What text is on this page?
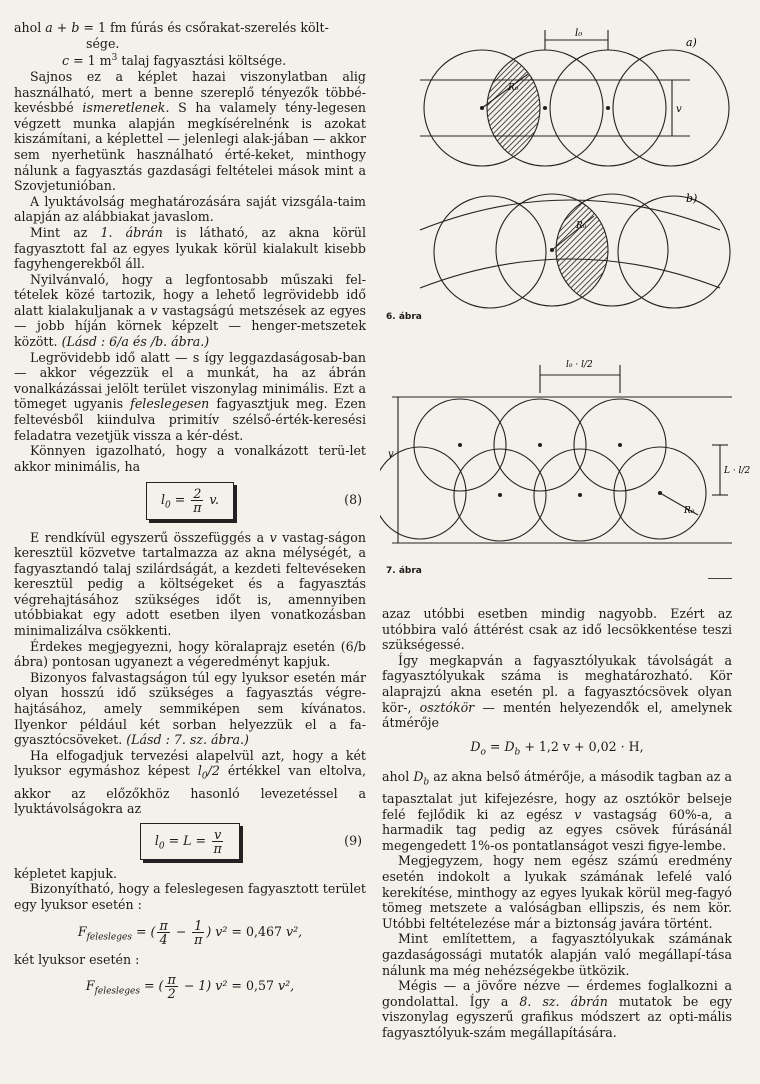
ahol a + b = 1 fm fúrás és csőrakat-szerelés költ-

sége.

c = 1 $m^3$ talaj fagyasztási költsége.

Sajnos ez a képlet hazai viszonylatban alig használható, mert a benne szereplő tényezők többé-kevésbbé ismeretlenek. S ha valamely tény-legesen végzett munka alapján megkísérelnénk is azokat kiszámítani, a képlettel — jelenlegi alak-jában — akkor sem nyerhetünk használható érté-keket, minthogy nálunk a fagyasztás gazdasági feltételei mások mint a Szovjetunióban.

A lyuktávolság meghatározására saját vizsgála-taim alapján az alábbiakat javaslom.

Mint az 1. ábrán is látható, az akna körül fagyasztott fal az egyes lyukak körül kialakult kisebb fagyhengerekből áll.

Nyilvánvaló, hogy a legfontosabb műszaki fel-tételek közé tartozik, hogy a lehető legrövidebb idő alatt kialakuljanak a v vastagságú metszések az egyes — jobb híján körnek képzelt — henger-metszetek között. (Lásd : 6/a és /b. ábra.)

Legrövidebb idő alatt — s így leggazdaságosab-ban — akkor végezzük el a munkát, ha az ábrán vonalkázássai jelölt terület viszonylag minimális. Ezt a tömeget ugyanis feleslegesen fagyasztjuk meg. Ezen feltevésből kiindulva primitív szélső-érték-keresési feladatra vezetjük vissza a kér-dést.

Könnyen igazolható, hogy a vonalkázott terü-let akkor minimális, ha

$l_0 = \frac{2}{\pi} v$.	(8)

E rendkívül egyszerű összefüggés a v vastag-ságon keresztül közvetve tartalmazza az akna mélységét, a fagyasztandó talaj szilárdságát, a kezdeti feltevéseken keresztül pedig a költségeket és a fagyasztás végrehajtásához szükséges időt is, amennyiben utóbbiakat egy adott esetben ilyen vonatkozásban minimalizálva csökkenti.

Érdekes megjegyezni, hogy köralaprajz esetén (6/b ábra) pontosan ugyanezt a végeredményt kapjuk.

Bizonyos falvastagságon túl egy lyuksor esetén már olyan hosszú idő szükséges a fagyasztás végre-hajtásához, amely semmiképen sem kívánatos. Ilyenkor például két sorban helyezzük el a fa-gyasztócsöveket. (Lásd : 7. sz. ábra.)

Ha elfogadjuk tervezési alapelvül azt, hogy a két lyuksor egymáshoz képest $l_0/2$ értékkel van eltolva, akkor az előzőkhöz hasonló levezetéssel a lyuktávolságokra az

$l_0 = L = \frac{v}{\pi}$	(9)

képletet kapjuk.

Bizonyítható, hogy a feleslegesen fagyasztott terület egy lyuksor esetén :

$F_{felesleges}$ = ( $\frac{\pi}{4} - \frac{1}{\pi}$ ) v² = 0,467 v²,

két lyuksor esetén :

$F_{felesleges}$ = ( $\frac{\pi}{2} - 1$) v² = 0,57 v²,
l₀
R₀
v
a)
R₀
b)
6. ábra
l₀ · l/2
L · l/2
v
R₀
7. ábra

azaz utóbbi esetben mindig nagyobb. Ezért az utóbbira való áttérést csak az idő lecsökkentése teszi szükségessé.

Így megkapván a fagyasztólyukak távolságát a fagyasztólyukak száma is meghatározható. Kör alaprajzú akna esetén pl. a fagyasztócsövek olyan kör-, osztókör — mentén helyezendők el, amelynek átmérője

$D_o = D_b + 1,2$ v + 0,02 · H,

ahol $D_b$ az akna belső átmérője, a második tagban az a tapasztalat jut kifejezésre, hogy az osztókör belseje felé fejlődik ki az egész v vastagság 60%-a, a harmadik tag pedig az egyes csövek fúrásánál megengedett 1%-os pontatlanságot veszi figye-lembe.

Megjegyzem, hogy nem egész számú eredmény esetén indokolt a lyukak számának lefelé való kerekítése, minthogy az egyes lyukak körül meg-fagyó tömeg metszete a valóságban ellipszis, és nem kör. Utóbbi feltételezése már a biztonság javára történt.

Mint említettem, a fagyasztólyukak számának gazdaságossági mutatók alapján való megállapí-tása nálunk ma még nehézségekbe ütközik.

Mégis — a jövőre nézve — érdemes foglalkozni a gondolattal. Így a 8. sz. ábrán mutatok be egy viszonylag egyszerű grafikus módszert az opti-mális fagyasztólyuk-szám megállapítására.
